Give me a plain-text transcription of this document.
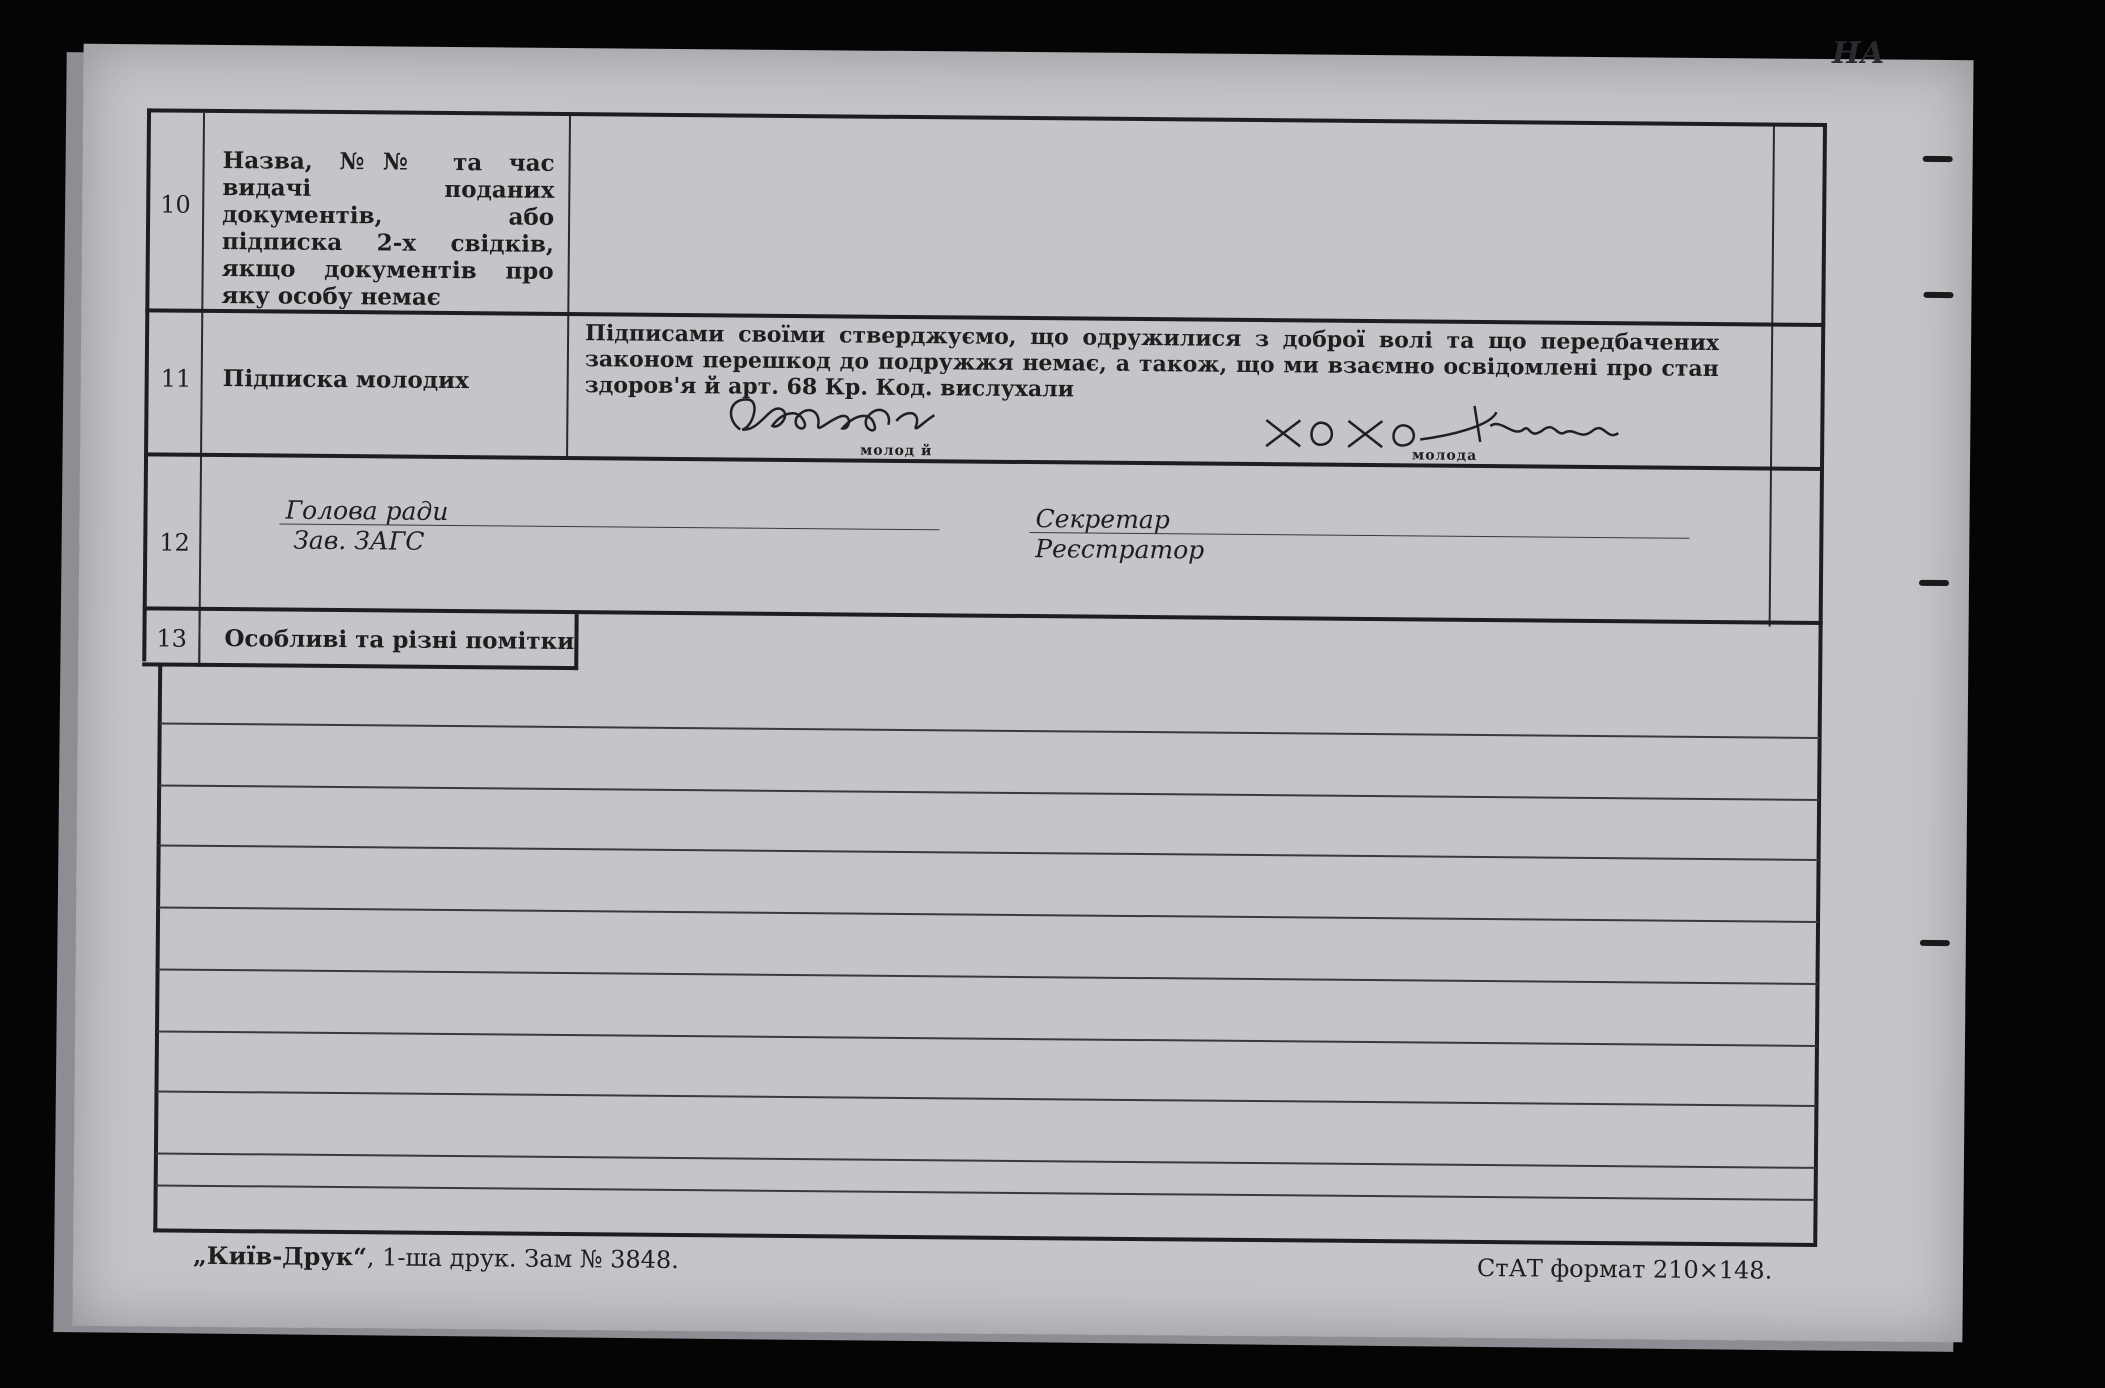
10
Назва, №№ та час видачі поданих документів, або підписка 2-х свідків, якщо документів про яку особу немає
11 Підписка молодих
Підписами своїми стверджуємо, що одружилися з доброї волі та що передбачених законом перешкод до подружжя немає, а також, що ми взаємно освідомлені про стан здоров'я й арт. 68 Кр. Код. вислухали
молод й	молода
12
Голова ради
Зав. ЗАГС
Секретар
Реєстратор
13 Особливі та різні помітки
„Київ-Друк“, 1-ша друк. Зам № 3848.	СтАТ формат 210×148.
НА
